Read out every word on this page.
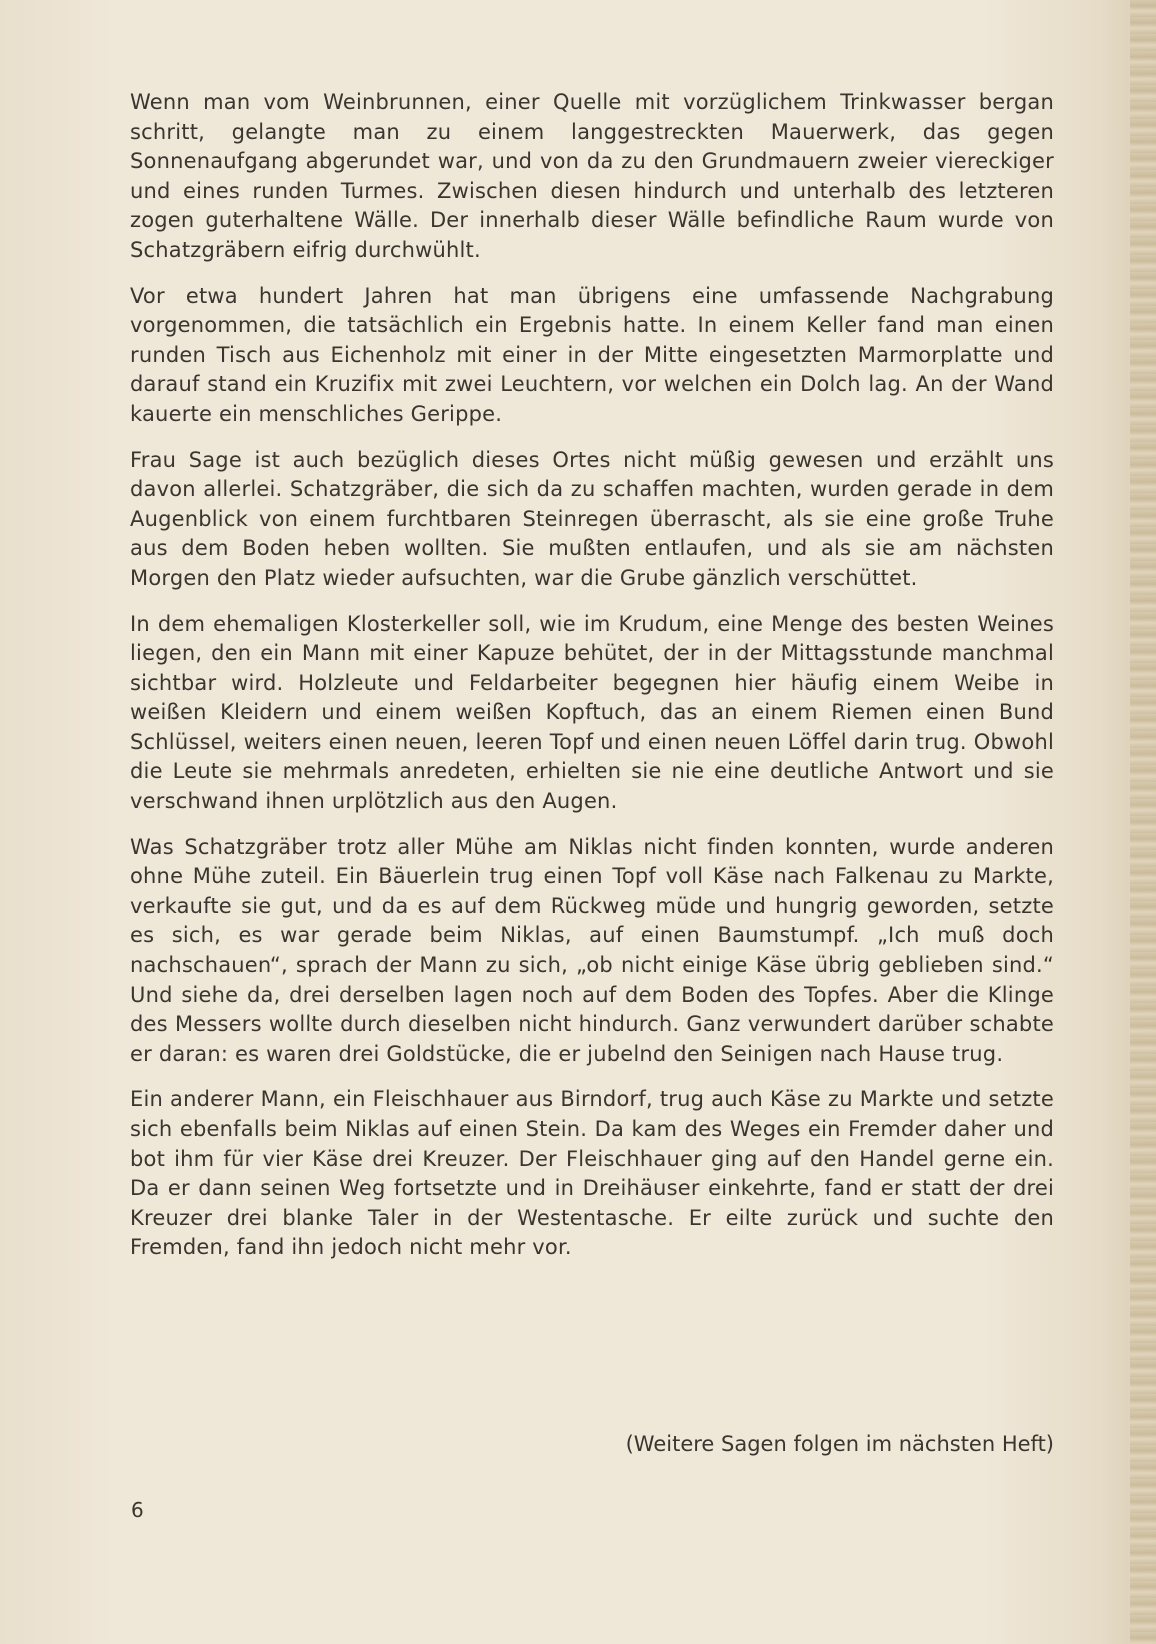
Wenn man vom Weinbrunnen, einer Quelle mit vorzüglichem Trinkwasser bergan schritt, gelangte man zu einem langgestreckten Mauerwerk, das gegen Sonnenaufgang abgerundet war, und von da zu den Grundmauern zweier viereckiger und eines runden Turmes. Zwischen diesen hindurch und unterhalb des letzteren zogen guterhaltene Wälle. Der innerhalb dieser Wälle befindliche Raum wurde von Schatzgräbern eifrig durchwühlt.

Vor etwa hundert Jahren hat man übrigens eine umfassende Nachgrabung vorgenommen, die tatsächlich ein Ergebnis hatte. In einem Keller fand man einen runden Tisch aus Eichenholz mit einer in der Mitte eingesetzten Marmorplatte und darauf stand ein Kruzifix mit zwei Leuchtern, vor welchen ein Dolch lag. An der Wand kauerte ein menschliches Gerippe.

Frau Sage ist auch bezüglich dieses Ortes nicht müßig gewesen und erzählt uns davon allerlei. Schatzgräber, die sich da zu schaffen machten, wurden gerade in dem Augenblick von einem furchtbaren Steinregen überrascht, als sie eine große Truhe aus dem Boden heben wollten. Sie mußten entlaufen, und als sie am nächsten Morgen den Platz wieder aufsuchten, war die Grube gänzlich verschüttet.

In dem ehemaligen Klosterkeller soll, wie im Krudum, eine Menge des besten Weines liegen, den ein Mann mit einer Kapuze behütet, der in der Mittagsstunde manchmal sichtbar wird. Holzleute und Feldarbeiter begegnen hier häufig einem Weibe in weißen Kleidern und einem weißen Kopftuch, das an einem Riemen einen Bund Schlüssel, weiters einen neuen, leeren Topf und einen neuen Löffel darin trug. Obwohl die Leute sie mehrmals anredeten, erhielten sie nie eine deutliche Antwort und sie verschwand ihnen urplötzlich aus den Augen.

Was Schatzgräber trotz aller Mühe am Niklas nicht finden konnten, wurde anderen ohne Mühe zuteil. Ein Bäuerlein trug einen Topf voll Käse nach Falkenau zu Markte, verkaufte sie gut, und da es auf dem Rückweg müde und hungrig geworden, setzte es sich, es war gerade beim Niklas, auf einen Baumstumpf. „Ich muß doch nachschauen“, sprach der Mann zu sich, „ob nicht einige Käse übrig geblieben sind.“ Und siehe da, drei derselben lagen noch auf dem Boden des Topfes. Aber die Klinge des Messers wollte durch dieselben nicht hindurch. Ganz verwundert darüber schabte er daran: es waren drei Goldstücke, die er jubelnd den Seinigen nach Hause trug.

Ein anderer Mann, ein Fleischhauer aus Birndorf, trug auch Käse zu Markte und setzte sich ebenfalls beim Niklas auf einen Stein. Da kam des Weges ein Fremder daher und bot ihm für vier Käse drei Kreuzer. Der Fleischhauer ging auf den Handel gerne ein. Da er dann seinen Weg fortsetzte und in Dreihäuser einkehrte, fand er statt der drei Kreuzer drei blanke Taler in der Westentasche. Er eilte zurück und suchte den Fremden, fand ihn jedoch nicht mehr vor.

(Weitere Sagen folgen im nächsten Heft)
6
